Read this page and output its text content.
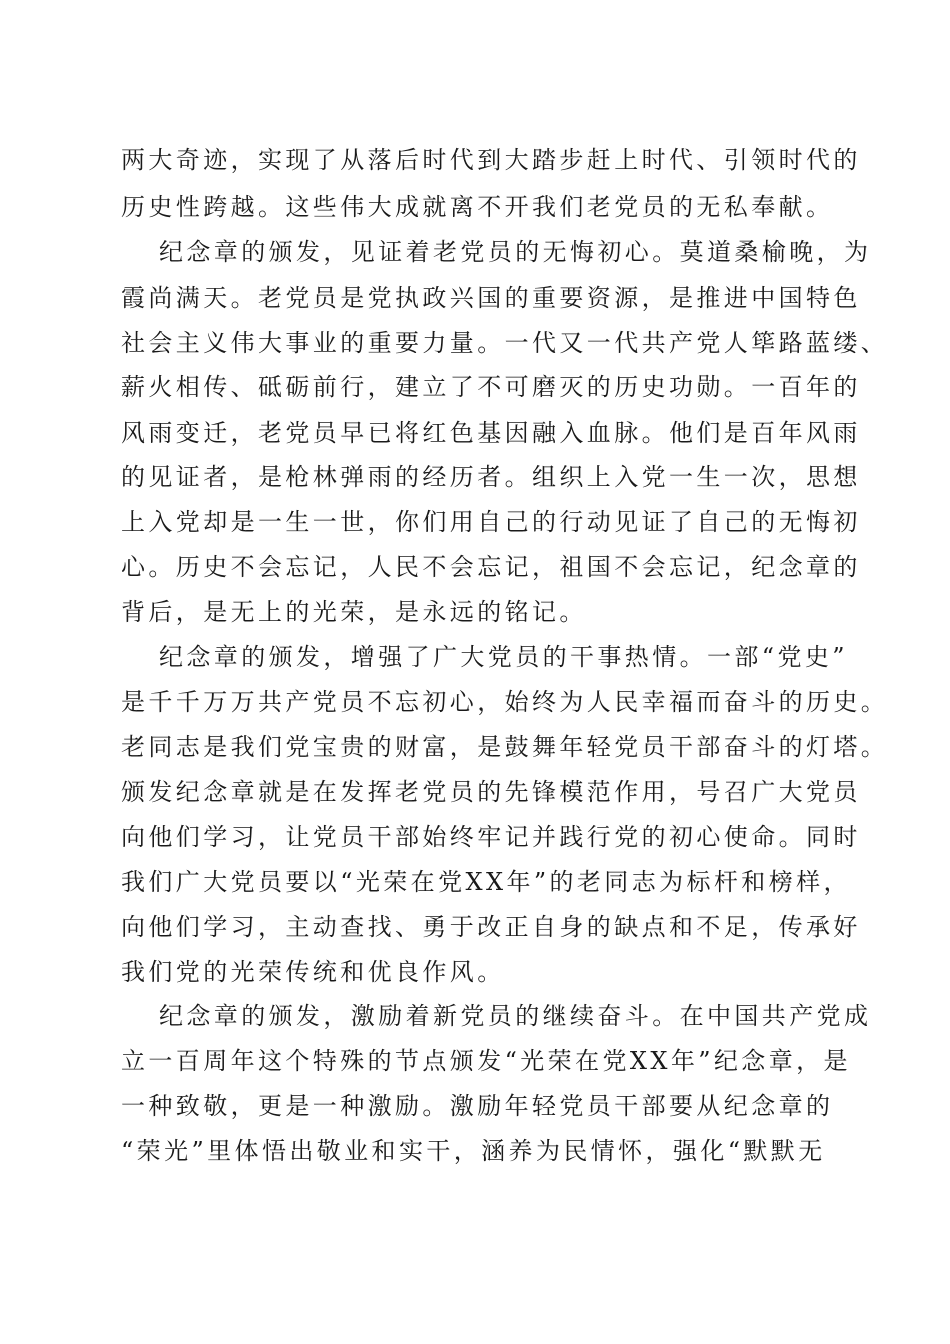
两大奇迹，实现了从落后时代到大踏步赶上时代、引领时代的
历史性跨越。这些伟大成就离不开我们老党员的无私奉献。
纪念章的颁发，见证着老党员的无悔初心。莫道桑榆晚，为
霞尚满天。老党员是党执政兴国的重要资源，是推进中国特色
社会主义伟大事业的重要力量。一代又一代共产党人筚路蓝缕、
薪火相传、砥砺前行，建立了不可磨灭的历史功勋。一百年的
风雨变迁，老党员早已将红色基因融入血脉。他们是百年风雨
的见证者，是枪林弹雨的经历者。组织上入党一生一次，思想
上入党却是一生一世，你们用自己的行动见证了自己的无悔初
心。历史不会忘记，人民不会忘记，祖国不会忘记，纪念章的
背后，是无上的光荣，是永远的铭记。
纪念章的颁发，增强了广大党员的干事热情。一部“党史”
是千千万万共产党员不忘初心，始终为人民幸福而奋斗的历史。
老同志是我们党宝贵的财富，是鼓舞年轻党员干部奋斗的灯塔。
颁发纪念章就是在发挥老党员的先锋模范作用，号召广大党员
向他们学习，让党员干部始终牢记并践行党的初心使命。同时
我们广大党员要以“光荣在党XX年”的老同志为标杆和榜样，
向他们学习，主动查找、勇于改正自身的缺点和不足，传承好
我们党的光荣传统和优良作风。
纪念章的颁发，激励着新党员的继续奋斗。在中国共产党成
立一百周年这个特殊的节点颁发“光荣在党XX年”纪念章，是
一种致敬，更是一种激励。激励年轻党员干部要从纪念章的
“荣光”里体悟出敬业和实干，涵养为民情怀，强化“默默无
